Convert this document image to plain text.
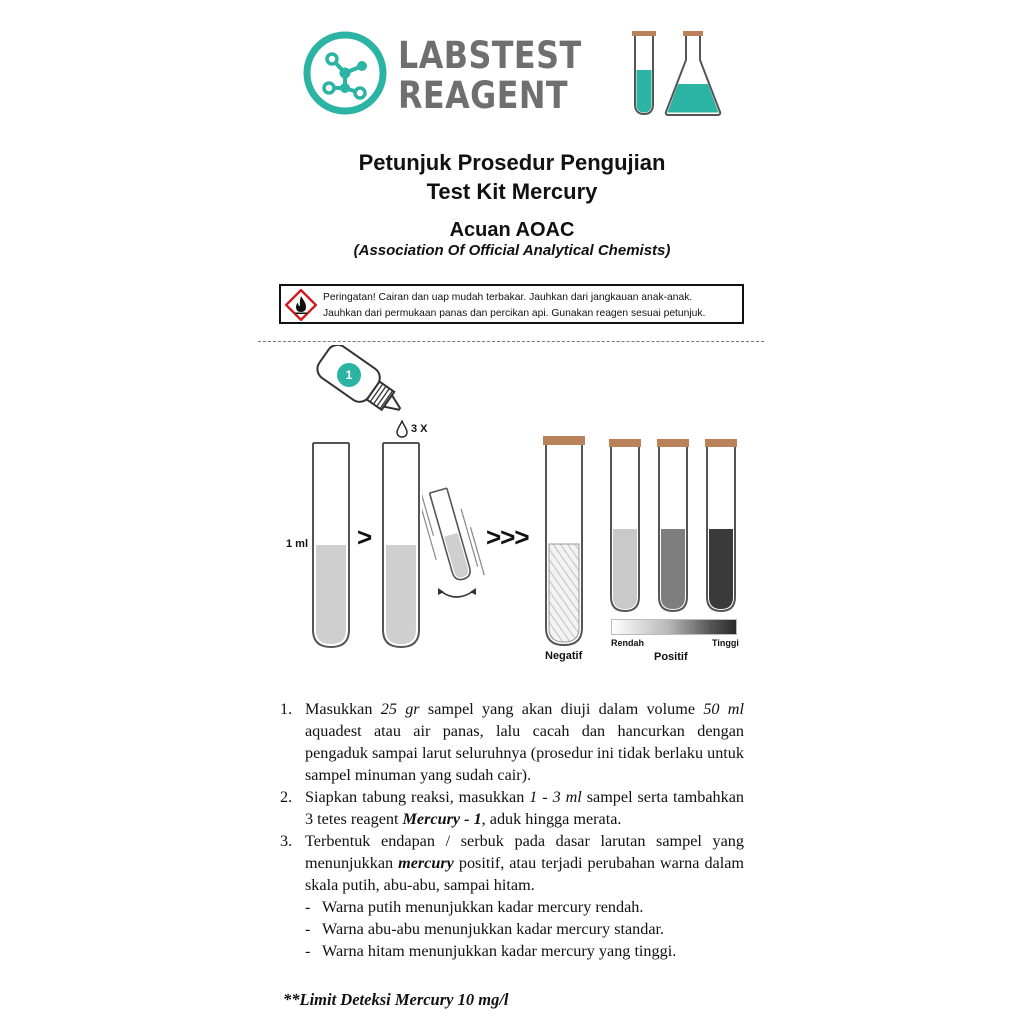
LABSTEST
REAGENT
Petunjuk Prosedur Pengujian
Test Kit Mercury
Acuan AOAC
(Association Of Official Analytical Chemists)
Peringatan! Cairan dan uap mudah terbakar. Jauhkan dari jangkauan anak-anak.
Jauhkan dari permukaan panas dan percikan api. Gunakan reagen sesuai petunjuk.
1
3 X
1 ml >	>>>
Negatif
Rendah	Tinggi
Positif
1. Masukkan 25 gr sampel yang akan diuji dalam volume 50 ml aquadest atau air panas, lalu cacah dan hancurkan dengan pengaduk sampai larut seluruhnya (prosedur ini tidak berlaku untuk sampel minuman yang sudah cair).
2. Siapkan tabung reaksi, masukkan 1 - 3 ml sampel serta tambahkan 3 tetes reagent Mercury - 1, aduk hingga merata.
3. Terbentuk endapan / serbuk pada dasar larutan sampel yang menunjukkan mercury positif, atau terjadi perubahan warna dalam skala putih, abu-abu, sampai hitam.
- Warna putih menunjukkan kadar mercury rendah.
- Warna abu-abu menunjukkan kadar mercury standar.
- Warna hitam menunjukkan kadar mercury yang tinggi.
**Limit Deteksi Mercury 10 mg/l
